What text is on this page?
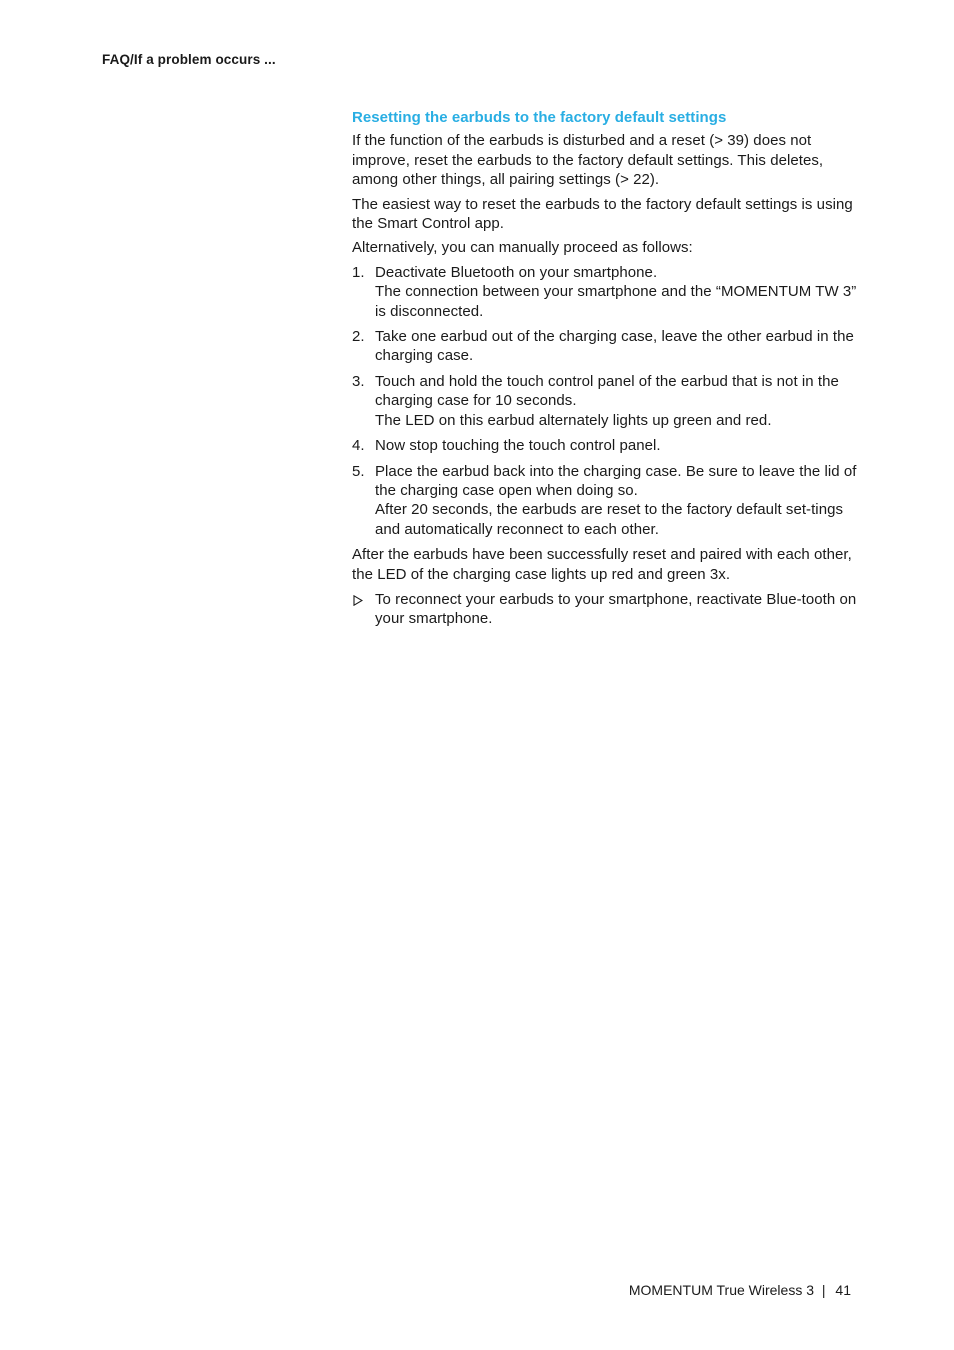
FAQ/If a problem occurs ...
Resetting the earbuds to the factory default settings

If the function of the earbuds is disturbed and a reset (> 39) does not improve, reset the earbuds to the factory default settings. This deletes, among other things, all pairing settings (> 22).

The easiest way to reset the earbuds to the factory default settings is using the Smart Control app.

Alternatively, you can manually proceed as follows:

1. Deactivate Bluetooth on your smartphone.
The connection between your smartphone and the “MOMENTUM TW 3” is disconnected.
2. Take one earbud out of the charging case, leave the other earbud in the charging case.
3. Touch and hold the touch control panel of the earbud that is not in the charging case for 10 seconds.
The LED on this earbud alternately lights up green and red.
4. Now stop touching the touch control panel.
5. Place the earbud back into the charging case. Be sure to leave the lid of the charging case open when doing so.
After 20 seconds, the earbuds are reset to the factory default set-tings and automatically reconnect to each other.

After the earbuds have been successfully reset and paired with each other, the LED of the charging case lights up red and green 3x.

To reconnect your earbuds to your smartphone, reactivate Blue-tooth on your smartphone.
MOMENTUM True Wireless 3 | 41
